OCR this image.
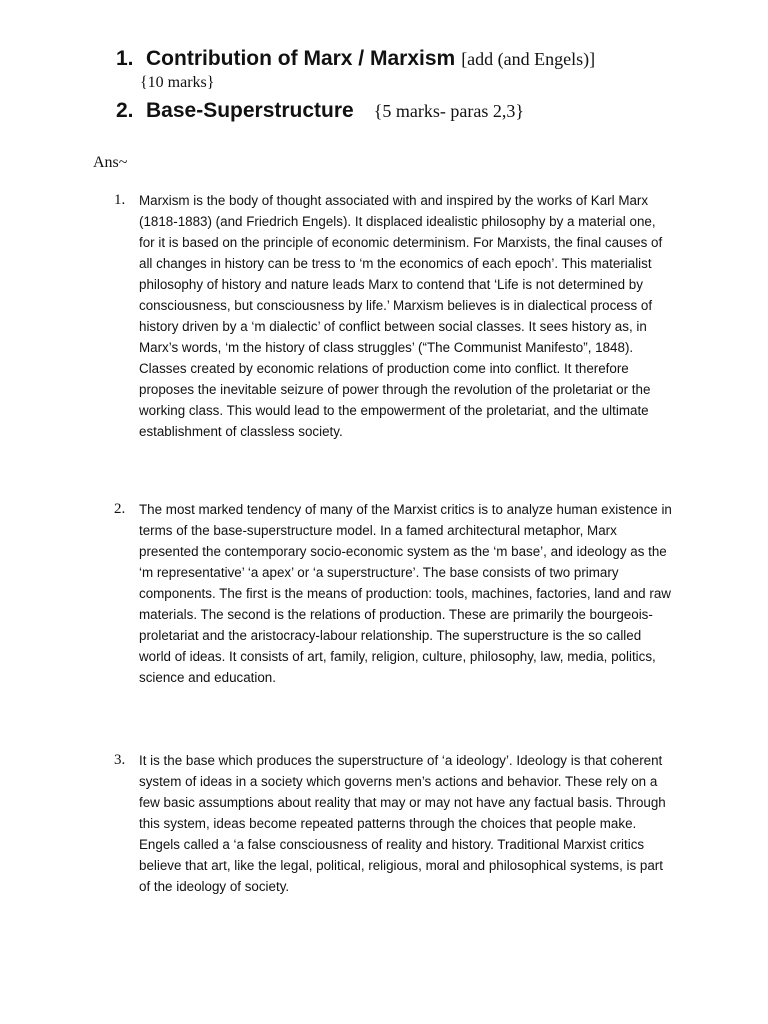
1. Contribution of Marx / Marxism [add (and Engels)]
{10 marks}
2. Base-Superstructure {5 marks- paras 2,3}
Ans~
1.	Marxism is the body of thought associated with and inspired by the works of Karl Marx (1818-1883) (and Friedrich Engels). It displaced idealistic philosophy by a material one, for it is based on the principle of economic determinism. For Marxists, the final causes of all changes in history can be tress to ‘m the economics of each epoch’. This materialist philosophy of history and nature leads Marx to contend that ‘Life is not determined by consciousness, but consciousness by life.’ Marxism believes is in dialectical process of history driven by a ‘m dialectic’ of conflict between social classes. It sees history as, in Marx’s words, ‘m the history of class struggles’ (“The Communist Manifesto”, 1848). Classes created by economic relations of production come into conflict. It therefore proposes the inevitable seizure of power through the revolution of the proletariat or the working class. This would lead to the empowerment of the proletariat, and the ultimate establishment of classless society.
2.	The most marked tendency of many of the Marxist critics is to analyze human existence in terms of the base-superstructure model. In a famed architectural metaphor, Marx presented the contemporary socio-economic system as the ‘m base’, and ideology as the ‘m representative’ ‘a apex’ or ‘a superstructure’. The base consists of two primary components. The first is the means of production: tools, machines, factories, land and raw materials. The second is the relations of production. These are primarily the bourgeois-proletariat and the aristocracy-labour relationship. The superstructure is the so called world of ideas. It consists of art, family, religion, culture, philosophy, law, media, politics, science and education.
3.	It is the base which produces the superstructure of ‘a ideology’. Ideology is that coherent system of ideas in a society which governs men’s actions and behavior. These rely on a few basic assumptions about reality that may or may not have any factual basis. Through this system, ideas become repeated patterns through the choices that people make. Engels called a ‘a false consciousness of reality and history. Traditional Marxist critics believe that art, like the legal, political, religious, moral and philosophical systems, is part of the ideology of society.
